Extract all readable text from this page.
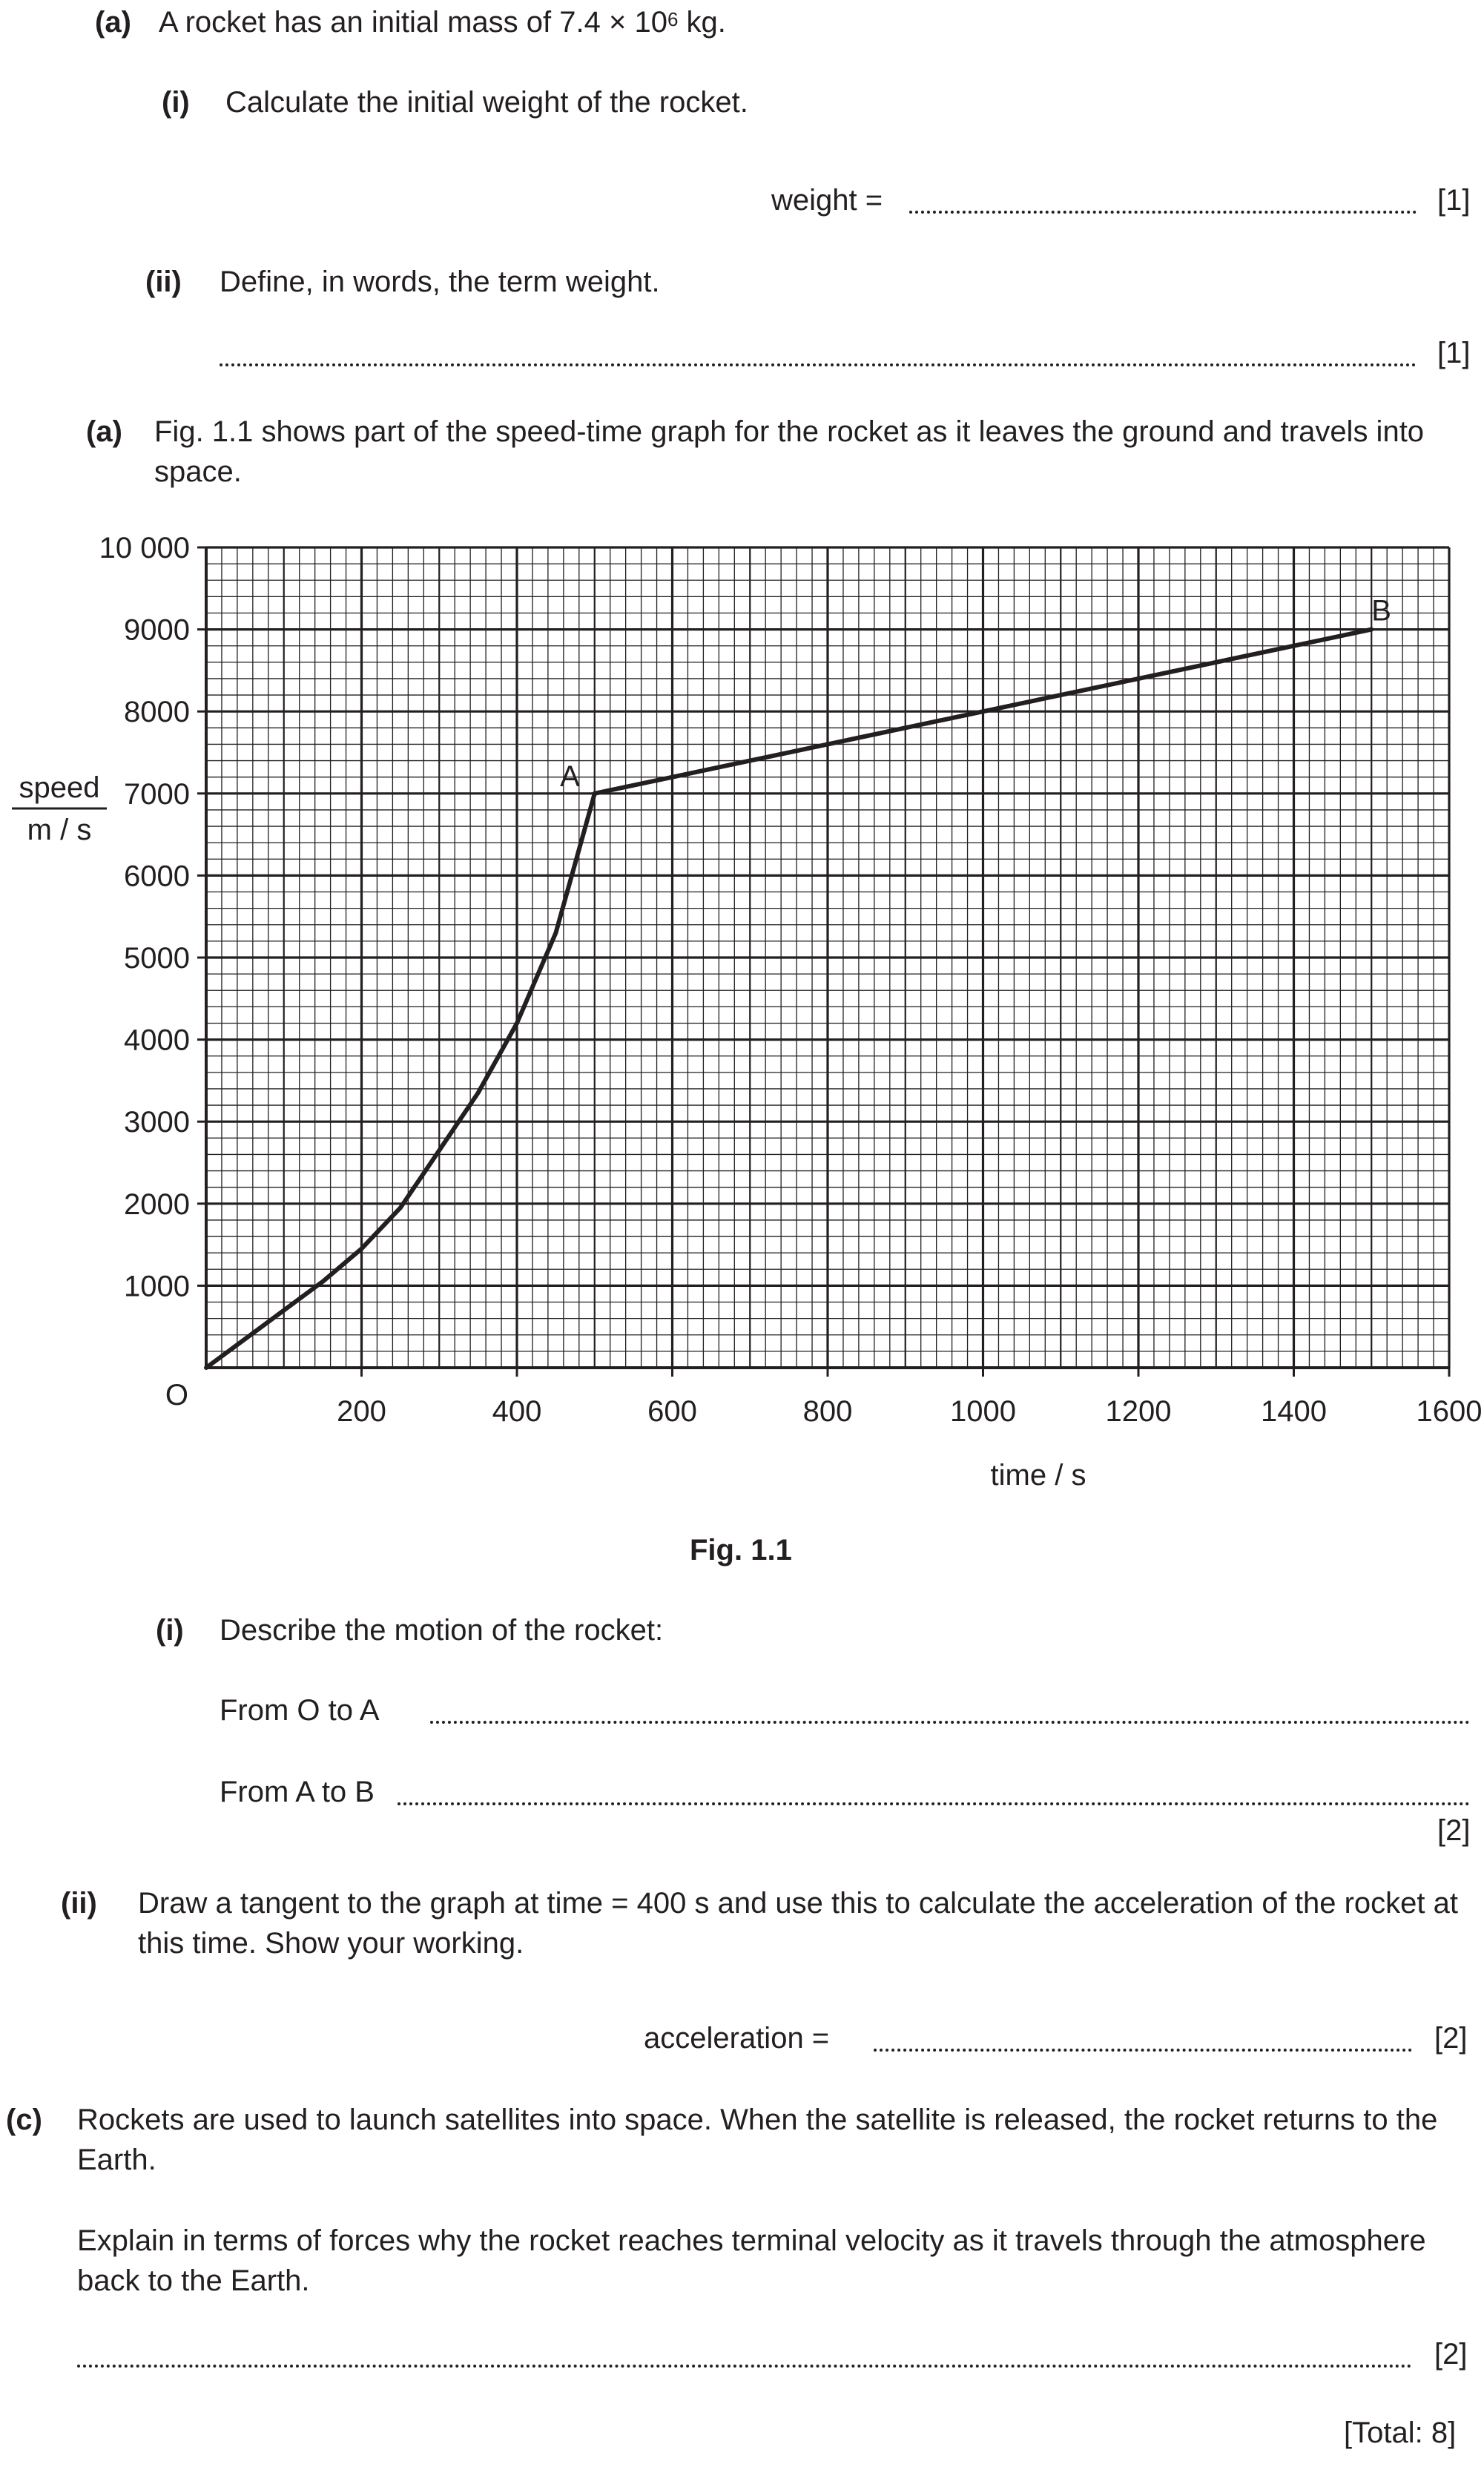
(a) A rocket has an initial mass of $7.4 \times 10^6$ kg.
(i) Calculate the initial weight of the rocket.
weight =	[1]
(ii) Define, in words, the term weight.
[1]
(a) Fig. 1.1 shows part of the speed-time graph for the rocket as it leaves the ground and travels into space.
200	400	600	800	1000	1200	1400	1600
1000
2000
3000
4000
5000
6000
7000
8000
9000
10 000
O
time / s
speed
m / s
A
B
Fig. 1.1
(i) Describe the motion of the rocket:
From O to A
From A to B
[2]
(ii) Draw a tangent to the graph at time = 400 s and use this to calculate the acceleration of the rocket at this time. Show your working.
acceleration =	[2]
(c) Rockets are used to launch satellites into space. When the satellite is released, the rocket returns to the Earth.
Explain in terms of forces why the rocket reaches terminal velocity as it travels through the atmosphere back to the Earth.
[2]
[Total: 8]
